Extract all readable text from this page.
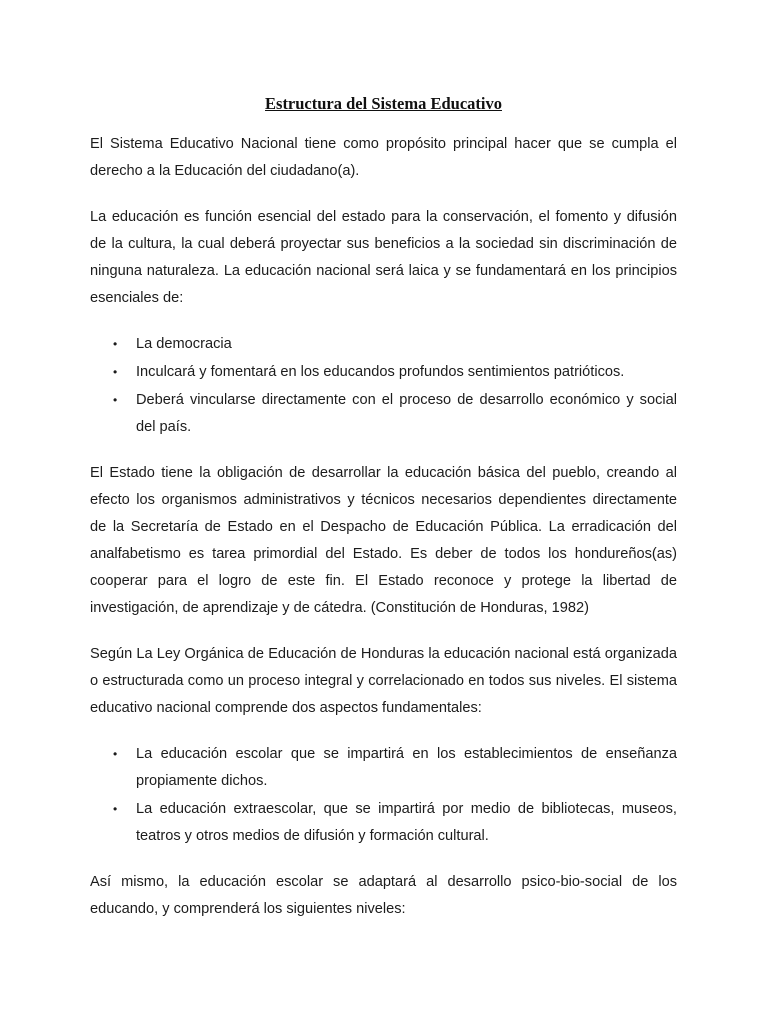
Estructura del Sistema Educativo

El Sistema Educativo Nacional tiene como propósito principal hacer que se cumpla el derecho a la Educación del ciudadano(a).

La educación es función esencial del estado para la conservación, el fomento y difusión de la cultura, la cual deberá proyectar sus beneficios a la sociedad sin discriminación de ninguna naturaleza. La educación nacional será laica y se fundamentará en los principios esenciales de:

• La democracia
• Inculcará y fomentará en los educandos profundos sentimientos patrióticos.
• Deberá vincularse directamente con el proceso de desarrollo económico y social del país.

El Estado tiene la obligación de desarrollar la educación básica del pueblo, creando al efecto los organismos administrativos y técnicos necesarios dependientes directamente de la Secretaría de Estado en el Despacho de Educación Pública. La erradicación del analfabetismo es tarea primordial del Estado. Es deber de todos los hondureños(as) cooperar para el logro de este fin. El Estado reconoce y protege la libertad de investigación, de aprendizaje y de cátedra. (Constitución de Honduras, 1982)

Según La Ley Orgánica de Educación de Honduras la educación nacional está organizada o estructurada como un proceso integral y correlacionado en todos sus niveles. El sistema educativo nacional comprende dos aspectos fundamentales:

• La educación escolar que se impartirá en los establecimientos de enseñanza propiamente dichos.
• La educación extraescolar, que se impartirá por medio de bibliotecas, museos, teatros y otros medios de difusión y formación cultural.

Así mismo, la educación escolar se adaptará al desarrollo psico-bio-social de los educando, y comprenderá los siguientes niveles:
